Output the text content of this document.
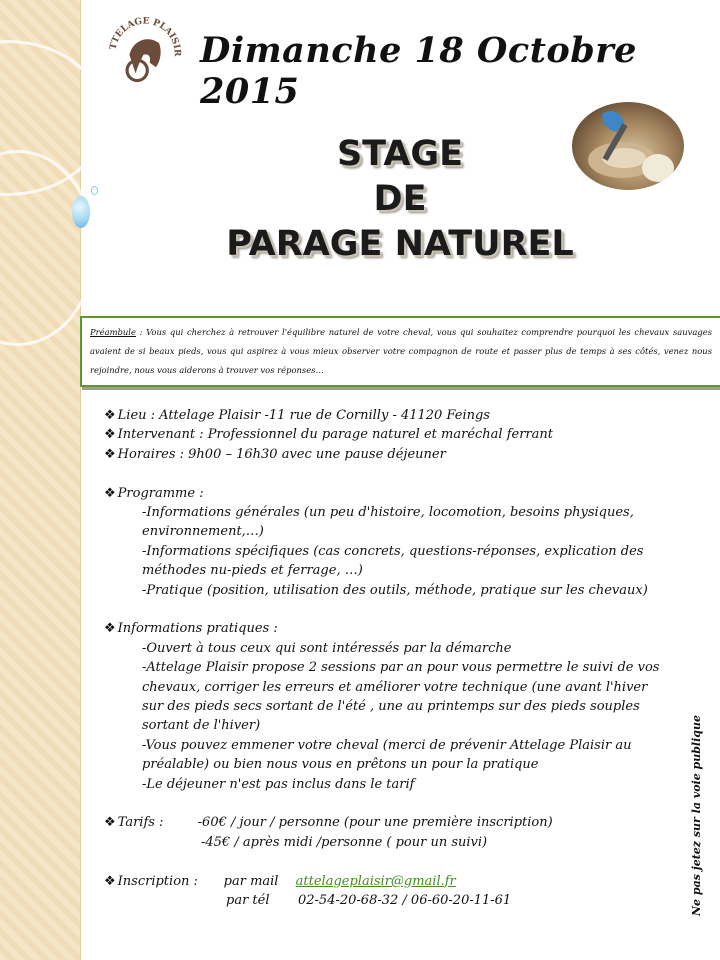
TTELAGE PLAISIR Dimanche 18 Octobre 2015
STAGE
DE
PARAGE NATUREL
Préambule : Vous qui cherchez à retrouver l'équilibre naturel de votre cheval, vous qui souhaitez comprendre pourquoi les chevaux sauvages avaient de si beaux pieds, vous qui aspirez à vous mieux observer votre compagnon de route et passer plus de temps à ses côtés, venez nous rejoindre, nous vous aiderons à trouver vos réponses…
❖ Lieu : Attelage Plaisir -11 rue de Cornilly - 41120 Feings
❖ Intervenant : Professionnel du parage naturel et maréchal ferrant
❖ Horaires : 9h00 – 16h30 avec une pause déjeuner
❖ Programme :
-Informations générales (un peu d'histoire, locomotion, besoins physiques,
environnement,…)
-Informations spécifiques (cas concrets, questions-réponses, explication des
méthodes nu-pieds et ferrage, …)
-Pratique (position, utilisation des outils, méthode, pratique sur les chevaux)
❖ Informations pratiques :
-Ouvert à tous ceux qui sont intéressés par la démarche
-Attelage Plaisir propose 2 sessions par an pour vous permettre le suivi de vos
chevaux, corriger les erreurs et améliorer votre technique (une avant l'hiver
sur des pieds secs sortant de l'été , une au printemps sur des pieds souples
sortant de l'hiver)
-Vous pouvez emmener votre cheval (merci de prévenir Attelage Plaisir au
préalable) ou bien nous vous en prêtons un pour la pratique
-Le déjeuner n'est pas inclus dans le tarif
❖ Tarifs :	-60€ / jour / personne (pour une première inscription)
-45€ / après midi /personne ( pour un suivi)
❖ Inscription : par mail attelageplaisir@gmail.fr
par tél 02-54-20-68-32 / 06-60-20-11-61	Ne pas jetez sur la voie publique
